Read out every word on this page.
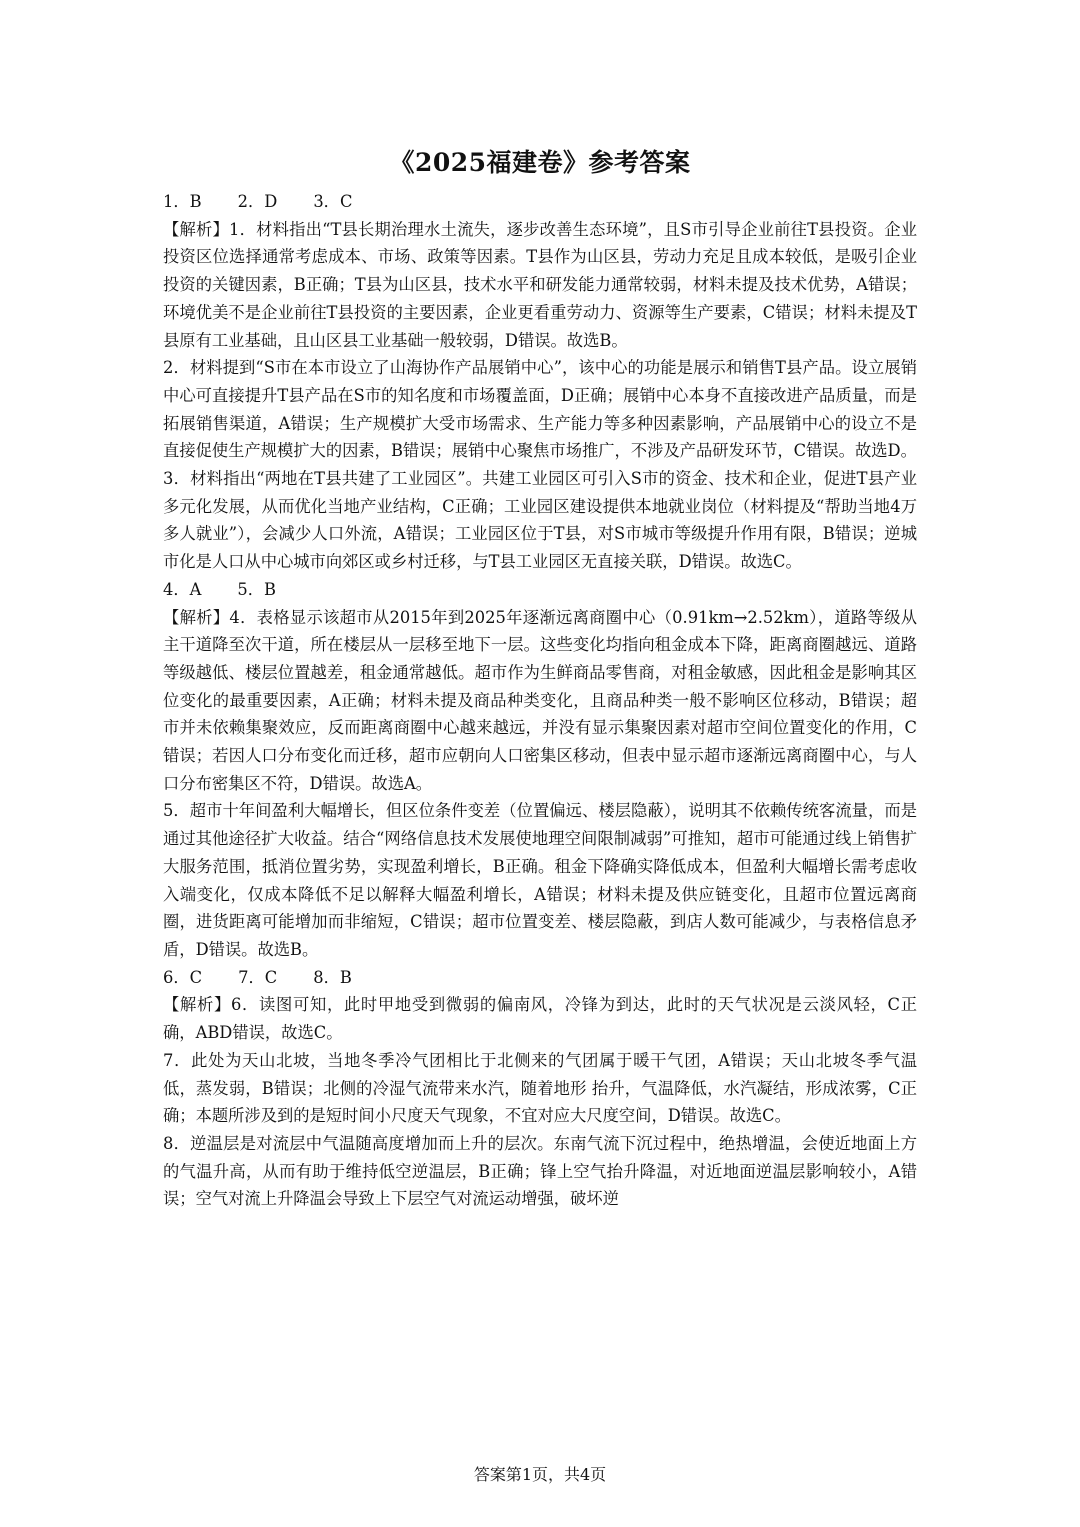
《2025福建卷》参考答案

1．B 2．D 3．C

【解析】1．材料指出“T县长期治理水土流失，逐步改善生态环境”，且S市引导企业前往T县投资。企业投资区位选择通常考虑成本、市场、政策等因素。T县作为山区县，劳动力充足且成本较低，是吸引企业投资的关键因素，B正确；T县为山区县，技术水平和研发能力通常较弱，材料未提及技术优势，A错误；环境优美不是企业前往T县投资的主要因素，企业更看重劳动力、资源等生产要素，C错误；材料未提及T县原有工业基础，且山区县工业基础一般较弱，D错误。故选B。

2．材料提到“S市在本市设立了山海协作产品展销中心”，该中心的功能是展示和销售T县产品。设立展销中心可直接提升T县产品在S市的知名度和市场覆盖面，D正确；展销中心本身不直接改进产品质量，而是拓展销售渠道，A错误；生产规模扩大受市场需求、生产能力等多种因素影响，产品展销中心的设立不是直接促使生产规模扩大的因素，B错误；展销中心聚焦市场推广，不涉及产品研发环节，C错误。故选D。

3．材料指出“两地在T县共建了工业园区”。共建工业园区可引入S市的资金、技术和企业，促进T县产业多元化发展，从而优化当地产业结构，C正确；工业园区建设提供本地就业岗位（材料提及“帮助当地4万多人就业”），会减少人口外流，A错误；工业园区位于T县，对S市城市等级提升作用有限，B错误；逆城市化是人口从中心城市向郊区或乡村迁移，与T县工业园区无直接关联，D错误。故选C。

4．A 5．B

【解析】4．表格显示该超市从2015年到2025年逐渐远离商圈中心（0.91km→2.52km），道路等级从主干道降至次干道，所在楼层从一层移至地下一层。这些变化均指向租金成本下降，距离商圈越远、道路等级越低、楼层位置越差，租金通常越低。超市作为生鲜商品零售商，对租金敏感，因此租金是影响其区位变化的最重要因素，A正确；材料未提及商品种类变化，且商品种类一般不影响区位移动，B错误；超市并未依赖集聚效应，反而距离商圈中心越来越远，并没有显示集聚因素对超市空间位置变化的作用，C错误；若因人口分布变化而迁移，超市应朝向人口密集区移动，但表中显示超市逐渐远离商圈中心，与人口分布密集区不符，D错误。故选A。

5．超市十年间盈利大幅增长，但区位条件变差（位置偏远、楼层隐蔽），说明其不依赖传统客流量，而是通过其他途径扩大收益。结合“网络信息技术发展使地理空间限制减弱”可推知，超市可能通过线上销售扩大服务范围，抵消位置劣势，实现盈利增长，B正确。租金下降确实降低成本，但盈利大幅增长需考虑收入端变化，仅成本降低不足以解释大幅盈利增长，A错误；材料未提及供应链变化，且超市位置远离商圈，进货距离可能增加而非缩短，C错误；超市位置变差、楼层隐蔽，到店人数可能减少，与表格信息矛盾，D错误。故选B。

6．C 7．C 8．B

【解析】6．读图可知，此时甲地受到微弱的偏南风，冷锋为到达，此时的天气状况是云淡风轻，C正确，ABD错误，故选C。

7．此处为天山北坡，当地冬季冷气团相比于北侧来的气团属于暖干气团，A错误；天山北坡冬季气温低，蒸发弱，B错误；北侧的冷湿气流带来水汽，随着地形 抬升，气温降低，水汽凝结，形成浓雾，C正确；本题所涉及到的是短时间小尺度天气现象，不宜对应大尺度空间，D错误。故选C。

8．逆温层是对流层中气温随高度增加而上升的层次。东南气流下沉过程中，绝热增温，会使近地面上方的气温升高，从而有助于维持低空逆温层，B正确；锋上空气抬升降温，对近地面逆温层影响较小，A错误；空气对流上升降温会导致上下层空气对流运动增强，破坏逆

答案第1页，共4页
